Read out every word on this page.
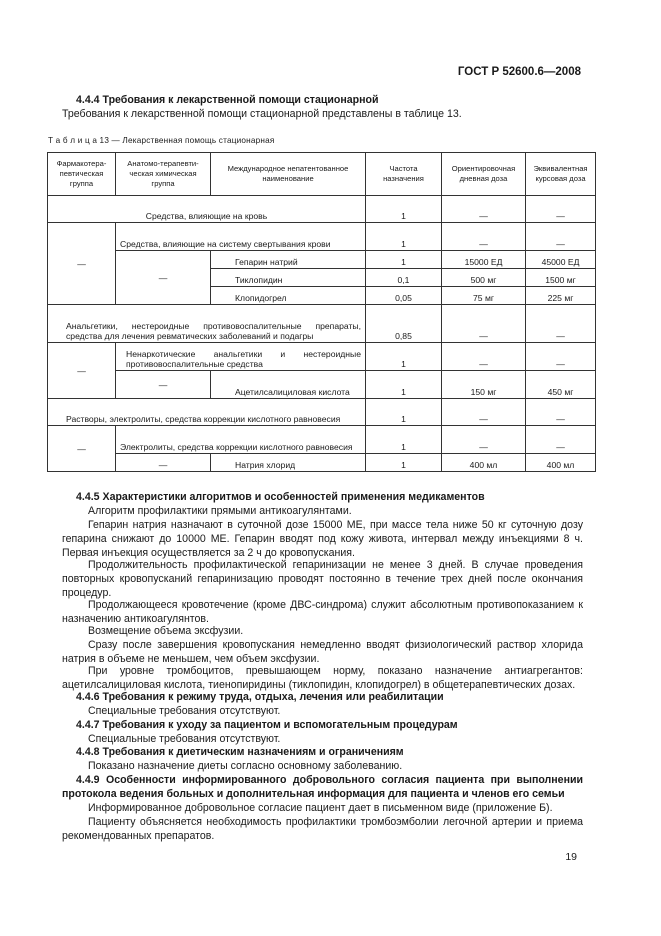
ГОСТ Р 52600.6—2008

4.4.4 Требования к лекарственной помощи стационарной

Требования к лекарственной помощи стационарной представлены в таблице 13.

Т а б л и ц а 13 — Лекарственная помощь стационарная
Фармакотера-певтическая группа	Анатомо-терапевти-ческая химическая группа	Международное непатентованное наименование	Частота назначения	Ориентировочная дневная доза	Эквивалентная курсовая доза
Средства, влияющие на кровь			1	—	—
—	Средства, влияющие на систему свертывания крови		1	—	—
	—	Гепарин натрий	1	15000 ЕД	45000 ЕД
		Тиклопидин	0,1	500 мг	1500 мг
		Клопидогрел	0,05	75 мг	225 мг
Анальгетики, нестероидные противовоспалительные препараты, средства для лечения ревматических заболеваний и подагры			0,85	—	—
—	Ненаркотические анальгетики и нестероидные противовоспалительные средства		1	—	—
	—	Ацетилсалициловая кислота	1	150 мг	450 мг
Растворы, электролиты, средства коррекции кислотного равновесия			1	—	—
—	Электролиты, средства коррекции кислотного равновесия		1	—	—
	—	Натрия хлорид	1	400 мл	400 мл

4.4.5 Характеристики алгоритмов и особенностей применения медикаментов

Алгоритм профилактики прямыми антикоагулянтами.

Гепарин натрия назначают в суточной дозе 15000 МЕ, при массе тела ниже 50 кг суточную дозу гепарина снижают до 10000 МЕ. Гепарин вводят под кожу живота, интервал между инъекциями 8 ч. Первая инъекция осуществляется за 2 ч до кровопускания.

Продолжительность профилактической гепаринизации не менее 3 дней. В случае проведения повторных кровопусканий гепаринизацию проводят постоянно в течение трех дней после окончания процедур.

Продолжающееся кровотечение (кроме ДВС-синдрома) служит абсолютным противопоказанием к назначению антикоагулянтов.

Возмещение объема эксфузии.

Сразу после завершения кровопускания немедленно вводят физиологический раствор хлорида натрия в объеме не меньшем, чем объем эксфузии.

При уровне тромбоцитов, превышающем норму, показано назначение антиагрегантов: ацетилсалициловая кислота, тиенопиридины (тиклопидин, клопидогрел) в общетерапевтических дозах.

4.4.6 Требования к режиму труда, отдыха, лечения или реабилитации

Специальные требования отсутствуют.

4.4.7 Требования к уходу за пациентом и вспомогательным процедурам

Специальные требования отсутствуют.

4.4.8 Требования к диетическим назначениям и ограничениям

Показано назначение диеты согласно основному заболеванию.

4.4.9 Особенности информированного добровольного согласия пациента при выполнении протокола ведения больных и дополнительная информация для пациента и членов его семьи

Информированное добровольное согласие пациент дает в письменном виде (приложение Б).

Пациенту объясняется необходимость профилактики тромбоэмболии легочной артерии и приема рекомендованных препаратов.

19
